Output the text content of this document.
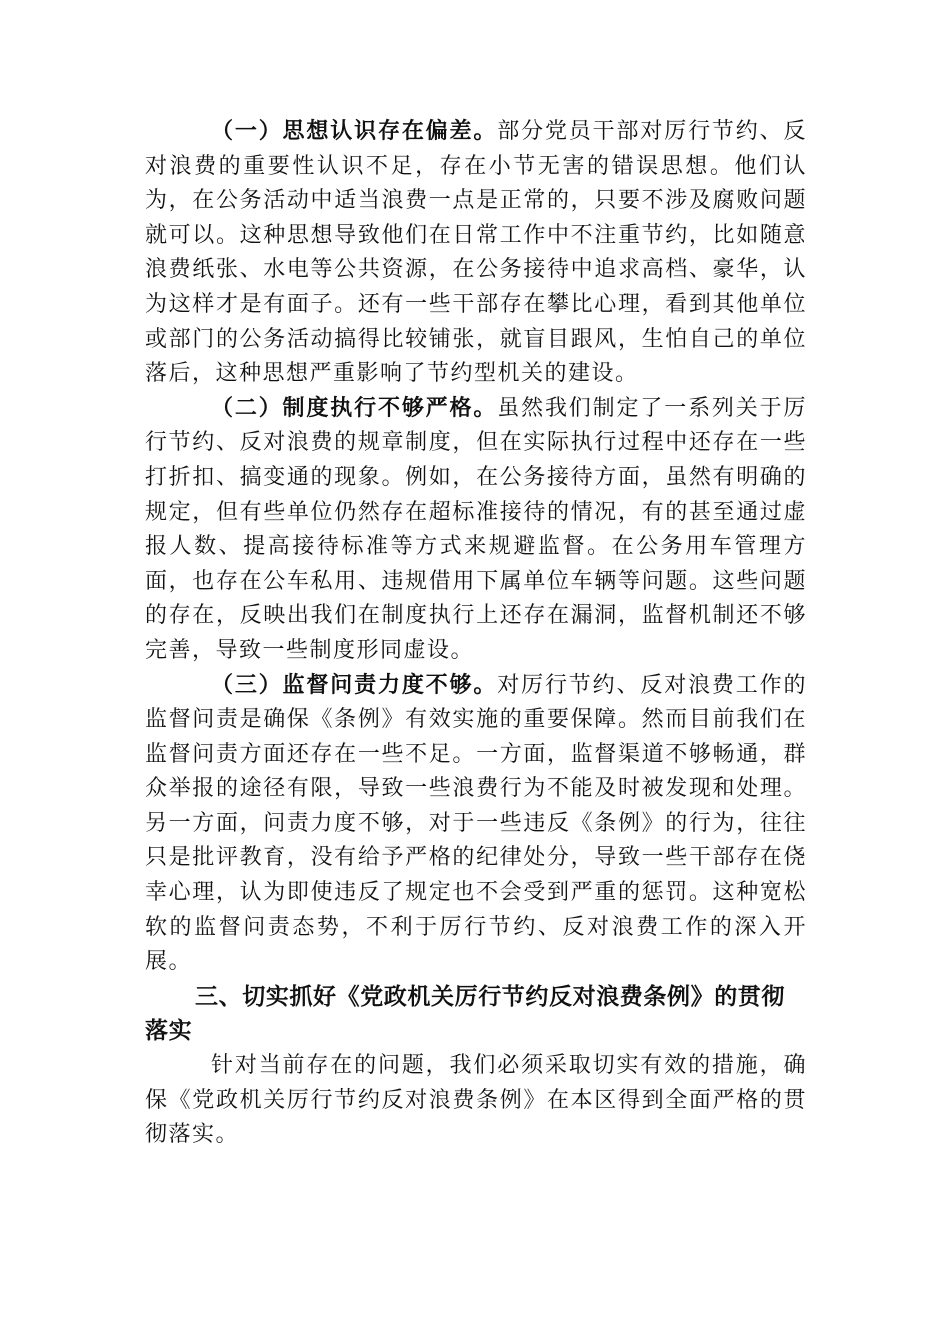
（一）思想认识存在偏差。部分党员干部对厉行节约、反对浪费的重要性认识不足，存在小节无害的错误思想。他们认为，在公务活动中适当浪费一点是正常的，只要不涉及腐败问题就可以。这种思想导致他们在日常工作中不注重节约，比如随意浪费纸张、水电等公共资源，在公务接待中追求高档、豪华，认为这样才是有面子。还有一些干部存在攀比心理，看到其他单位或部门的公务活动搞得比较铺张，就盲目跟风，生怕自己的单位落后，这种思想严重影响了节约型机关的建设。

（二）制度执行不够严格。虽然我们制定了一系列关于厉行节约、反对浪费的规章制度，但在实际执行过程中还存在一些打折扣、搞变通的现象。例如，在公务接待方面，虽然有明确的规定，但有些单位仍然存在超标准接待的情况，有的甚至通过虚报人数、提高接待标准等方式来规避监督。在公务用车管理方面，也存在公车私用、违规借用下属单位车辆等问题。这些问题的存在，反映出我们在制度执行上还存在漏洞，监督机制还不够完善，导致一些制度形同虚设。

（三）监督问责力度不够。对厉行节约、反对浪费工作的监督问责是确保《条例》有效实施的重要保障。然而目前我们在监督问责方面还存在一些不足。一方面，监督渠道不够畅通，群众举报的途径有限，导致一些浪费行为不能及时被发现和处理。另一方面，问责力度不够，对于一些违反《条例》的行为，往往只是批评教育，没有给予严格的纪律处分，导致一些干部存在侥幸心理，认为即使违反了规定也不会受到严重的惩罚。这种宽松软的监督问责态势，不利于厉行节约、反对浪费工作的深入开展。

三、切实抓好《党政机关厉行节约反对浪费条例》的贯彻落实

针对当前存在的问题，我们必须采取切实有效的措施，确保《党政机关厉行节约反对浪费条例》在本区得到全面严格的贯彻落实。
